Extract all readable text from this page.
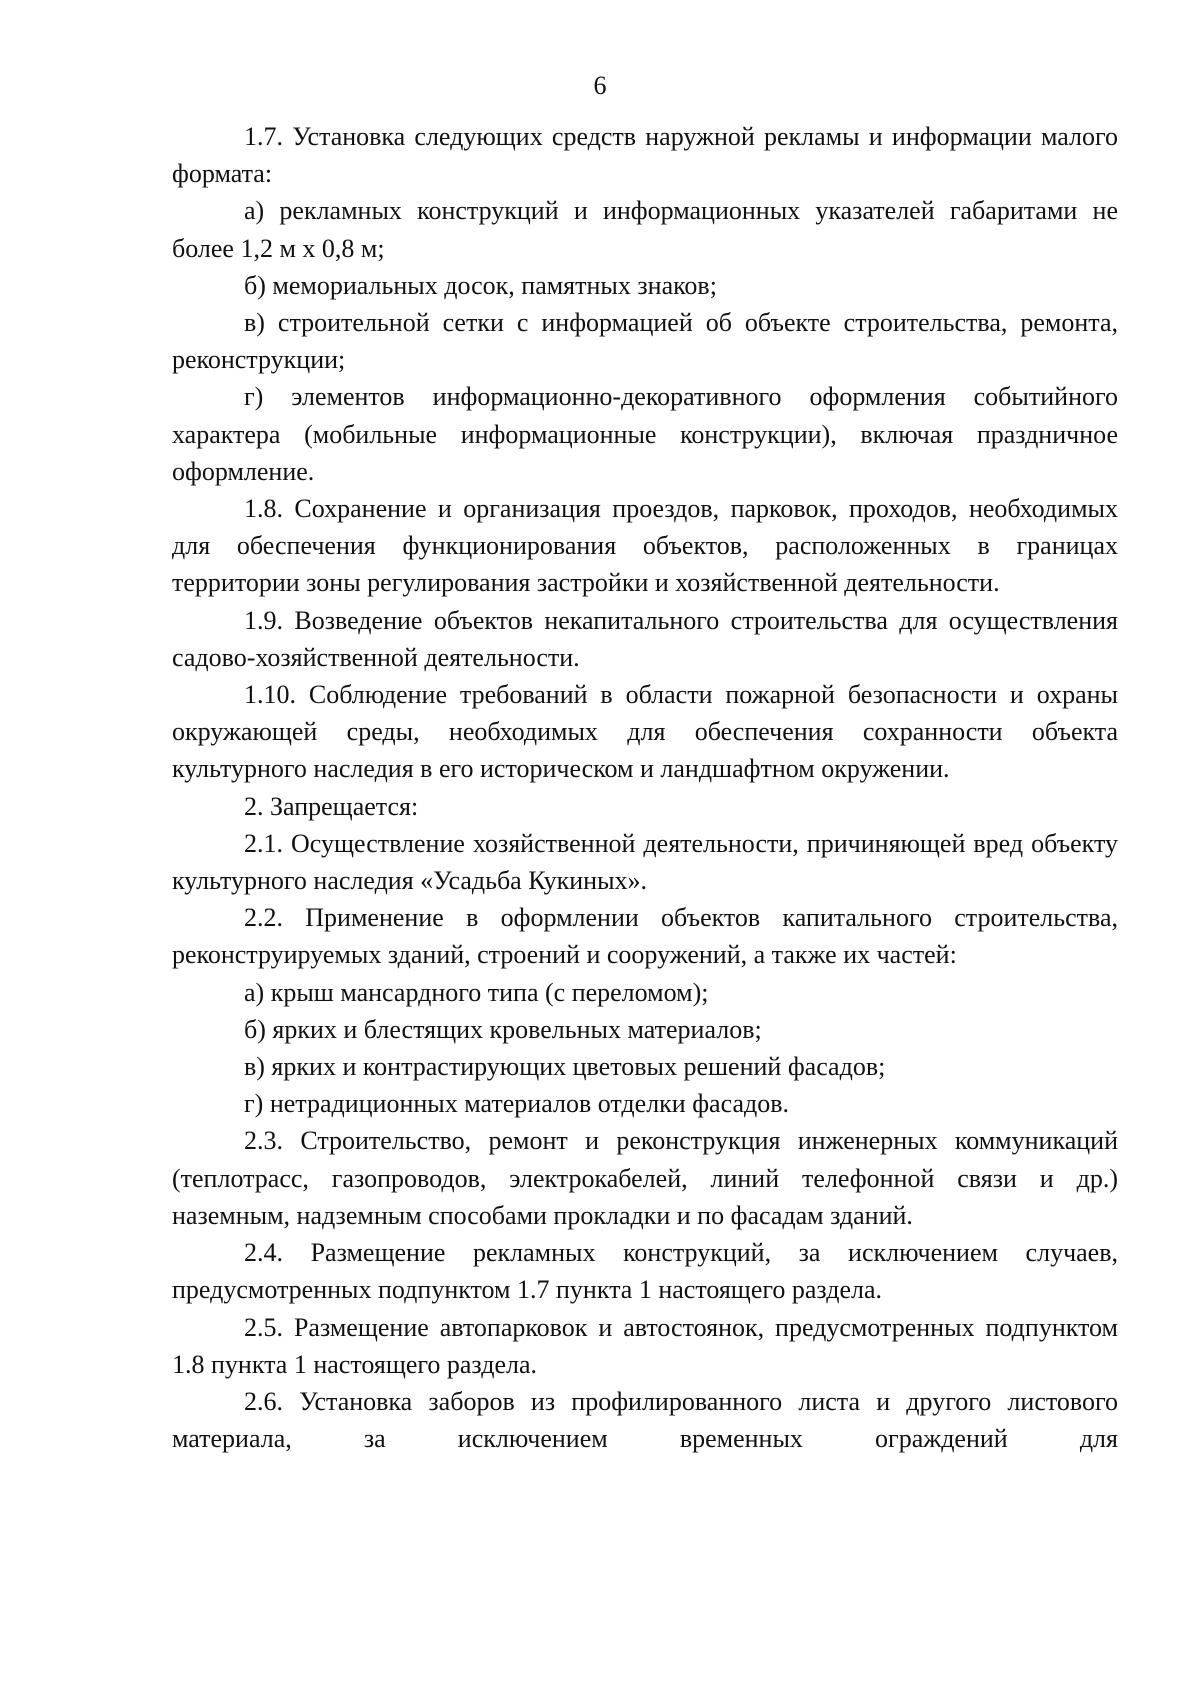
6

1.7. Установка следующих средств наружной рекламы и информации малого формата:

а) рекламных конструкций и информационных указателей габаритами не более 1,2 м х 0,8 м;

б) мемориальных досок, памятных знаков;

в) строительной сетки с информацией об объекте строительства, ремонта, реконструкции;

г) элементов информационно-декоративного оформления событийного характера (мобильные информационные конструкции), включая праздничное оформление.

1.8. Сохранение и организация проездов, парковок, проходов, необходимых для обеспечения функционирования объектов, расположенных в границах территории зоны регулирования застройки и хозяйственной деятельности.

1.9. Возведение объектов некапитального строительства для осуществления садово-хозяйственной деятельности.

1.10. Соблюдение требований в области пожарной безопасности и охраны окружающей среды, необходимых для обеспечения сохранности объекта культурного наследия в его историческом и ландшафтном окружении.

2. Запрещается:

2.1. Осуществление хозяйственной деятельности, причиняющей вред объекту культурного наследия «Усадьба Кукиных».

2.2. Применение в оформлении объектов капитального строительства, реконструируемых зданий, строений и сооружений, а также их частей:

а) крыш мансардного типа (с переломом);

б) ярких и блестящих кровельных материалов;

в) ярких и контрастирующих цветовых решений фасадов;

г) нетрадиционных материалов отделки фасадов.

2.3. Строительство, ремонт и реконструкция инженерных коммуникаций (теплотрасс, газопроводов, электрокабелей, линий телефонной связи и др.) наземным, надземным способами прокладки и по фасадам зданий.

2.4. Размещение рекламных конструкций, за исключением случаев, предусмотренных подпунктом 1.7 пункта 1 настоящего раздела.

2.5. Размещение автопарковок и автостоянок, предусмотренных подпунктом 1.8 пункта 1 настоящего раздела.

2.6. Установка заборов из профилированного листа и другого листового материала, за исключением временных ограждений для
